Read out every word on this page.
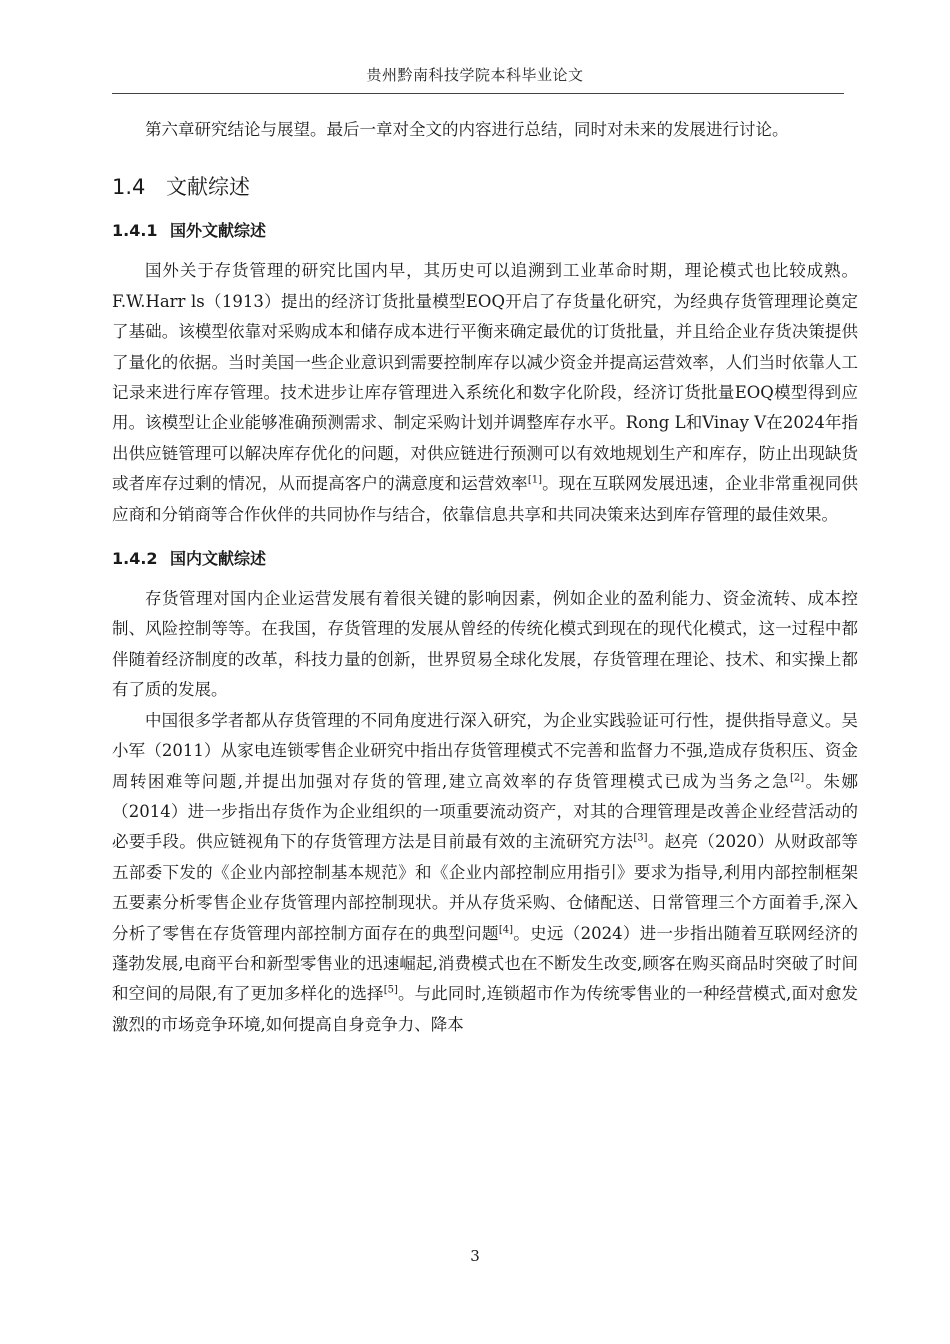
贵州黔南科技学院本科毕业论文

第六章研究结论与展望。最后一章对全文的内容进行总结，同时对未来的发展进行讨论。

1.4 文献综述
1.4.1 国外文献综述

国外关于存货管理的研究比国内早，其历史可以追溯到工业革命时期，理论模式也比较成熟。F.W.Harr ls（1913）提出的经济订货批量模型EOQ开启了存货量化研究，为经典存货管理理论奠定了基础。该模型依靠对采购成本和储存成本进行平衡来确定最优的订货批量，并且给企业存货决策提供了量化的依据。当时美国一些企业意识到需要控制库存以减少资金并提高运营效率，人们当时依靠人工记录来进行库存管理。技术进步让库存管理进入系统化和数字化阶段，经济订货批量EOQ模型得到应用。该模型让企业能够准确预测需求、制定采购计划并调整库存水平。Rong L和Vinay V在2024年指出供应链管理可以解决库存优化的问题，对供应链进行预测可以有效地规划生产和库存，防止出现缺货或者库存过剩的情况，从而提高客户的满意度和运营效率[1]。现在互联网发展迅速，企业非常重视同供应商和分销商等合作伙伴的共同协作与结合，依靠信息共享和共同决策来达到库存管理的最佳效果。

1.4.2 国内文献综述

存货管理对国内企业运营发展有着很关键的影响因素，例如企业的盈利能力、资金流转、成本控制、风险控制等等。在我国，存货管理的发展从曾经的传统化模式到现在的现代化模式，这一过程中都伴随着经济制度的改革，科技力量的创新，世界贸易全球化发展，存货管理在理论、技术、和实操上都有了质的发展。

中国很多学者都从存货管理的不同角度进行深入研究，为企业实践验证可行性，提供指导意义。吴小军（2011）从家电连锁零售企业研究中指出存货管理模式不完善和监督力不强,造成存货积压、资金周转困难等问题,并提出加强对存货的管理,建立高效率的存货管理模式已成为当务之急[2]。朱娜（2014）进一步指出存货作为企业组织的一项重要流动资产，对其的合理管理是改善企业经营活动的必要手段。供应链视角下的存货管理方法是目前最有效的主流研究方法[3]。赵亮（2020）从财政部等五部委下发的《企业内部控制基本规范》和《企业内部控制应用指引》要求为指导,利用内部控制框架五要素分析零售企业存货管理内部控制现状。并从存货采购、仓储配送、日常管理三个方面着手,深入分析了零售在存货管理内部控制方面存在的典型问题[4]。史远（2024）进一步指出随着互联网经济的蓬勃发展,电商平台和新型零售业的迅速崛起,消费模式也在不断发生改变,顾客在购买商品时突破了时间和空间的局限,有了更加多样化的选择[5]。与此同时,连锁超市作为传统零售业的一种经营模式,面对愈发激烈的市场竞争环境,如何提高自身竞争力、降本

3
